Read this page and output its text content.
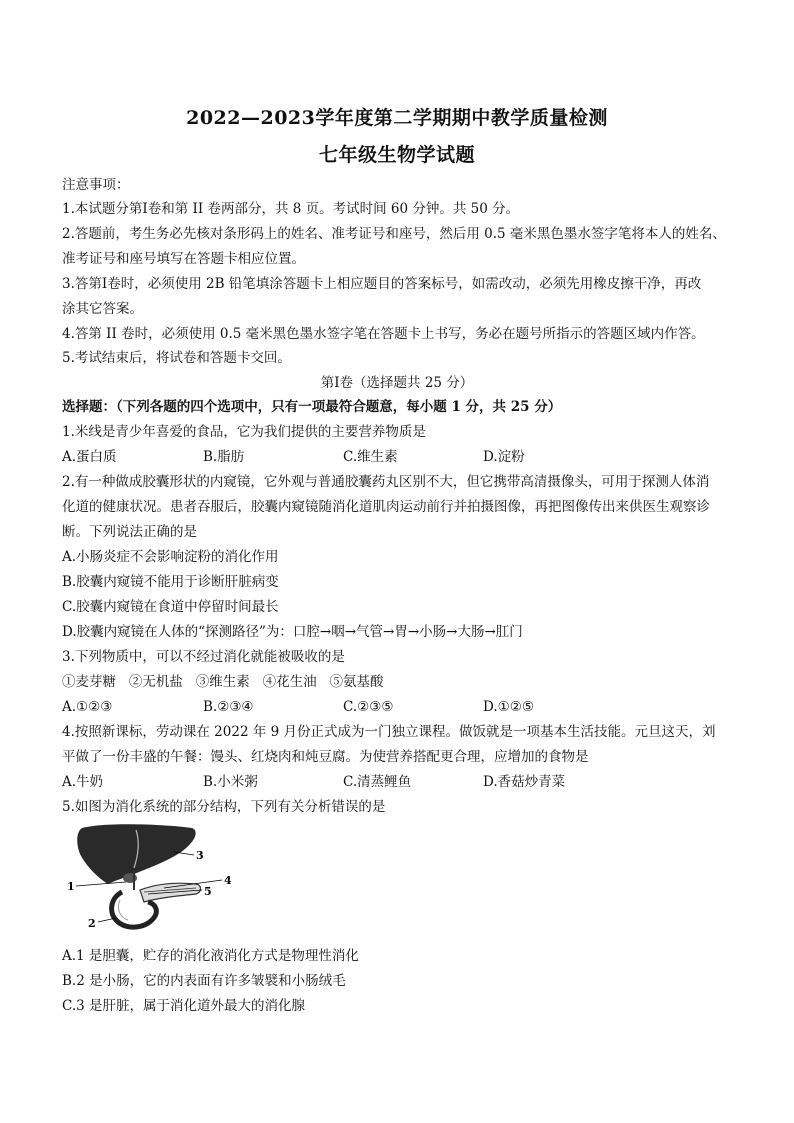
2022—2023学年度第二学期期中教学质量检测
七年级生物学试题
注意事项：
1.本试题分第Ⅰ卷和第 II 卷两部分，共 8 页。考试时间 60 分钟。共 50 分。
2.答题前，考生务必先核对条形码上的姓名、准考证号和座号，然后用 0.5 毫米黑色墨水签字笔将本人的姓名、
准考证号和座号填写在答题卡相应位置。
3.答第Ⅰ卷时，必须使用 2B 铅笔填涂答题卡上相应题目的答案标号，如需改动，必须先用橡皮擦干净，再改
涂其它答案。
4.答第 II 卷时，必须使用 0.5 毫米黑色墨水签字笔在答题卡上书写，务必在题号所指示的答题区域内作答。
5.考试结束后，将试卷和答题卡交回。
第Ⅰ卷（选择题共 25 分）
选择题：（下列各题的四个选项中，只有一项最符合题意，每小题 1 分，共 25 分）
1.米线是青少年喜爱的食品，它为我们提供的主要营养物质是
A.蛋白质	B.脂肪	C.维生素	D.淀粉
2.有一种做成胶囊形状的内窥镜，它外观与普通胶囊药丸区别不大，但它携带高清摄像头，可用于探测人体消
化道的健康状况。患者吞服后，胶囊内窥镜随消化道肌肉运动前行并拍摄图像，再把图像传出来供医生观察诊
断。下列说法正确的是
A.小肠炎症不会影响淀粉的消化作用
B.胶囊内窥镜不能用于诊断肝脏病变
C.胶囊内窥镜在食道中停留时间最长
D.胶囊内窥镜在人体的“探测路径”为：口腔→咽→气管→胃→小肠→大肠→肛门
3.下列物质中，可以不经过消化就能被吸收的是
①麦芽糖   ②无机盐   ③维生素   ④花生油   ⑤氨基酸
A.①②③	B.②③④	C.②③⑤	D.①②⑤
4.按照新课标，劳动课在 2022 年 9 月份正式成为一门独立课程。做饭就是一项基本生活技能。元旦这天，刘
平做了一份丰盛的午餐：馒头、红烧肉和炖豆腐。为使营养搭配更合理，应增加的食物是
A.牛奶	B.小米粥	C.清蒸鲤鱼	D.香菇炒青菜
5.如图为消化系统的部分结构，下列有关分析错误的是
1
2
3
4
5
A.1 是胆囊，贮存的消化液消化方式是物理性消化
B.2 是小肠，它的内表面有许多皱襞和小肠绒毛
C.3 是肝脏，属于消化道外最大的消化腺
